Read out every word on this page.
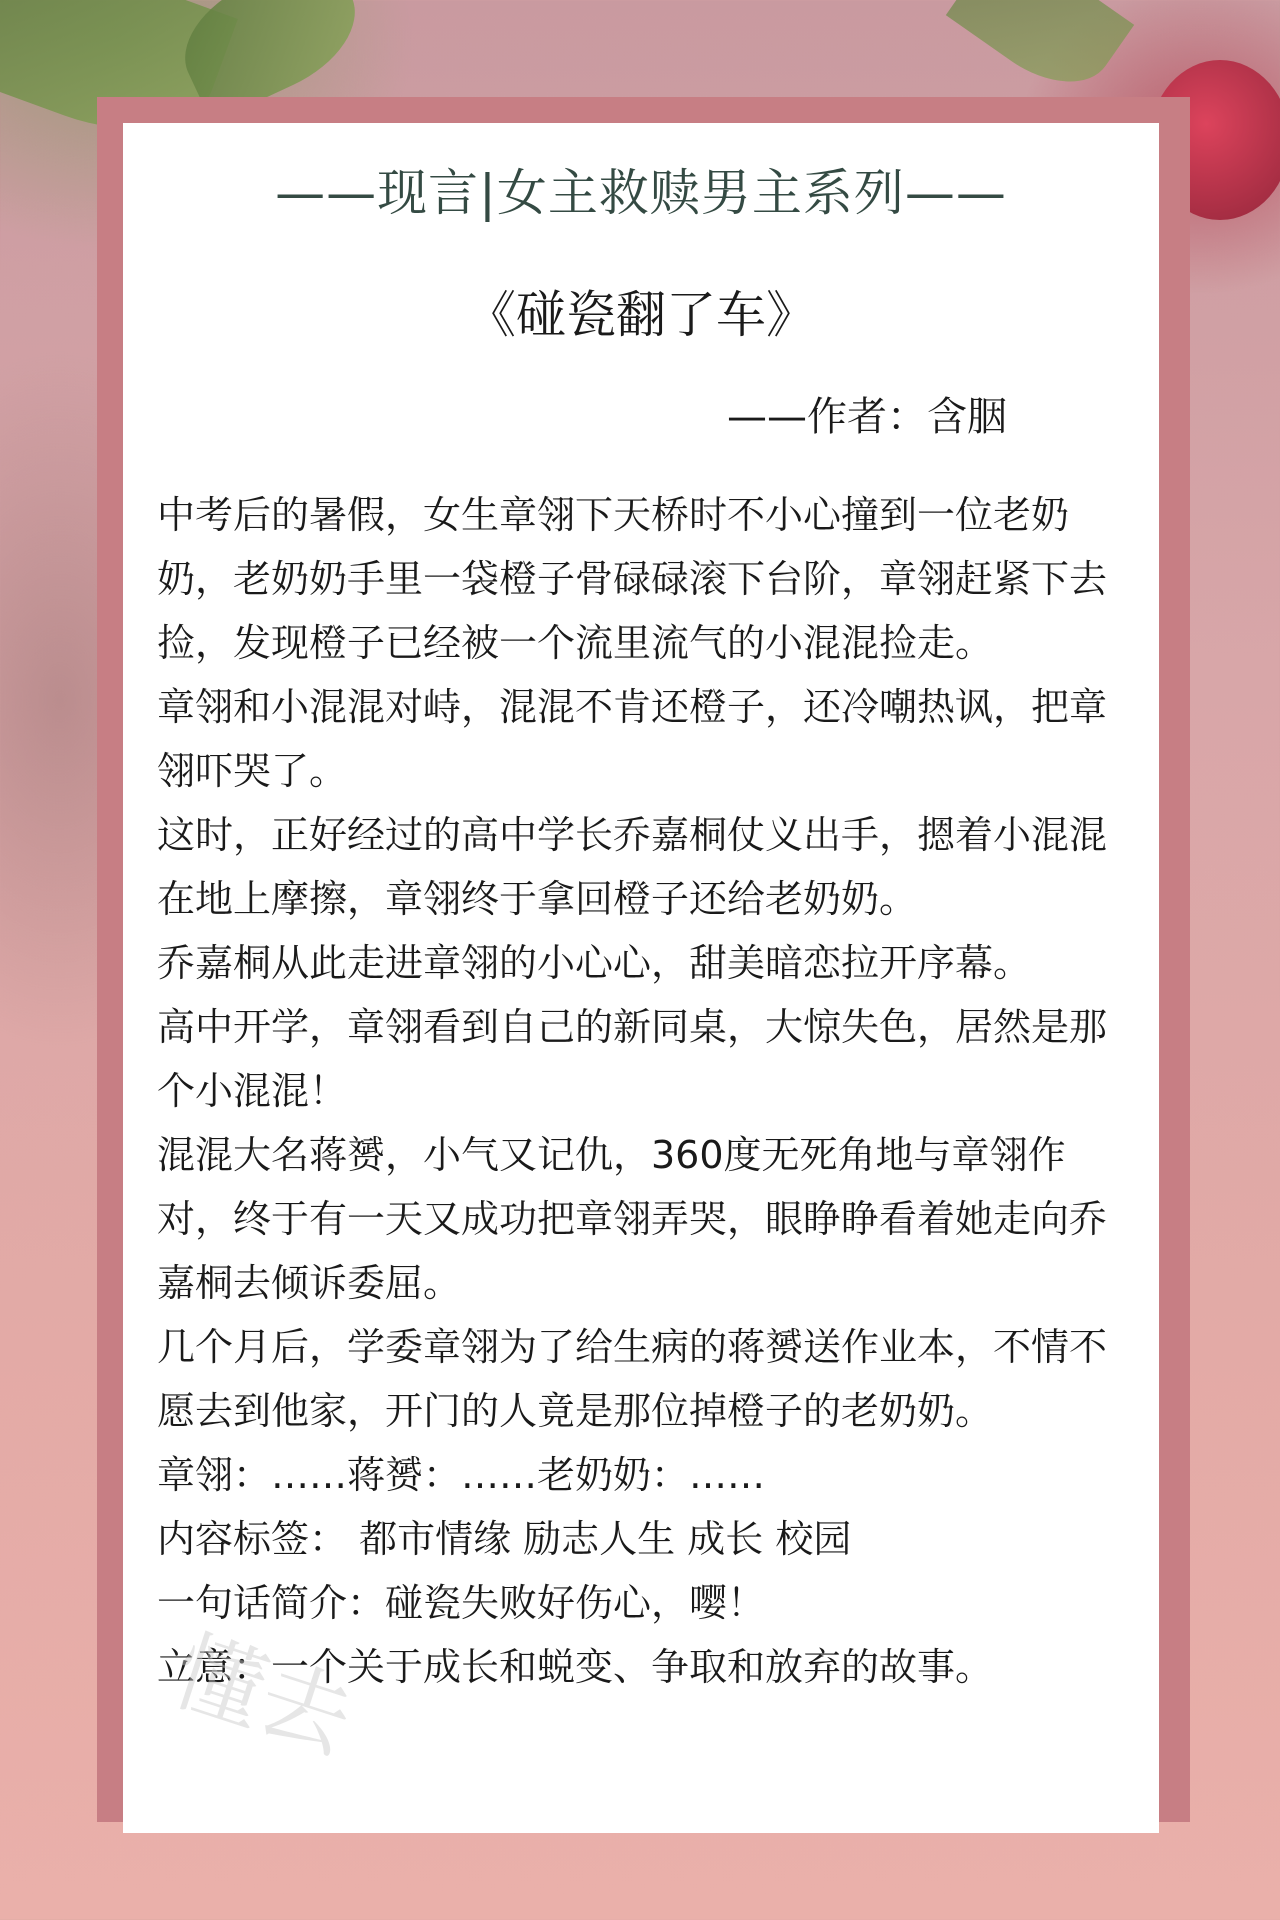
——现言|女主救赎男主系列——
《碰瓷翻了车》
——作者：含胭

中考后的暑假，女生章翎下天桥时不小心撞到一位老奶奶，老奶奶手里一袋橙子骨碌碌滚下台阶，章翎赶紧下去捡，发现橙子已经被一个流里流气的小混混捡走。

章翎和小混混对峙，混混不肯还橙子，还冷嘲热讽，把章翎吓哭了。

这时，正好经过的高中学长乔嘉桐仗义出手，摁着小混混在地上摩擦，章翎终于拿回橙子还给老奶奶。

乔嘉桐从此走进章翎的小心心，甜美暗恋拉开序幕。

高中开学，章翎看到自己的新同桌，大惊失色，居然是那个小混混！

混混大名蒋赟，小气又记仇，360度无死角地与章翎作对，终于有一天又成功把章翎弄哭，眼睁睁看着她走向乔嘉桐去倾诉委屈。

几个月后，学委章翎为了给生病的蒋赟送作业本，不情不愿去到他家，开门的人竟是那位掉橙子的老奶奶。

章翎：……蒋赟：……老奶奶：……

内容标签： 都市情缘 励志人生 成长 校园

一句话简介：碰瓷失败好伤心，嘤！

立意：一个关于成长和蜕变、争取和放弃的故事。

懂去
